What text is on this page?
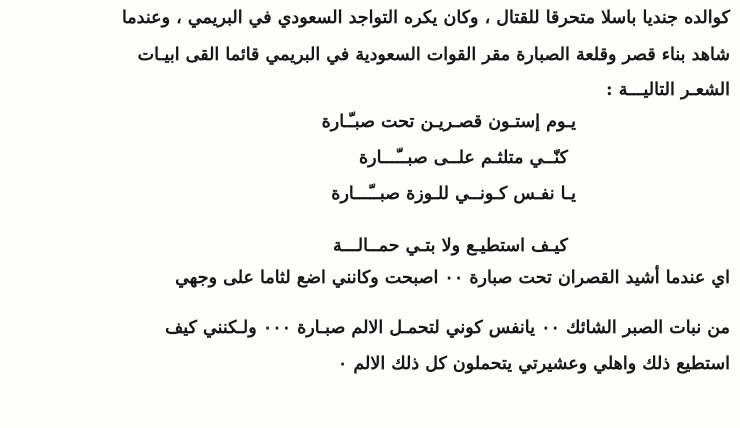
كوالده جنديا باسلا متحرقا للقتال ، وكان يكره التواجد السعودي في البريمي ، وعندما
شاهد بناء قصر وقلعة الصبارة مقر القوات السعودية في البريمي قائما القى ابيـات
الشعـر التاليـــة :
يـوم إستـون قصـريـن تحت صبـّـارة
كنّــي متلثـم علــى صبــّـــارة
يـا نفـس كـونــي للـوزة صبــّـــارة
كيـف استطيـع ولا بتـي حمــالـــة
اي عندما أشيد القصران تحت صبارة ٠٠ اصبحت وكانني اضع لثاما على وجهي
من نبات الصبر الشائك ٠٠ يانفس كوني لتحمـل الالم صبـارة ٠٠٠ ولـكنني كيف
استطيع ذلك واهلي وعشيرتي يتحملون كل ذلك الالم ٠
